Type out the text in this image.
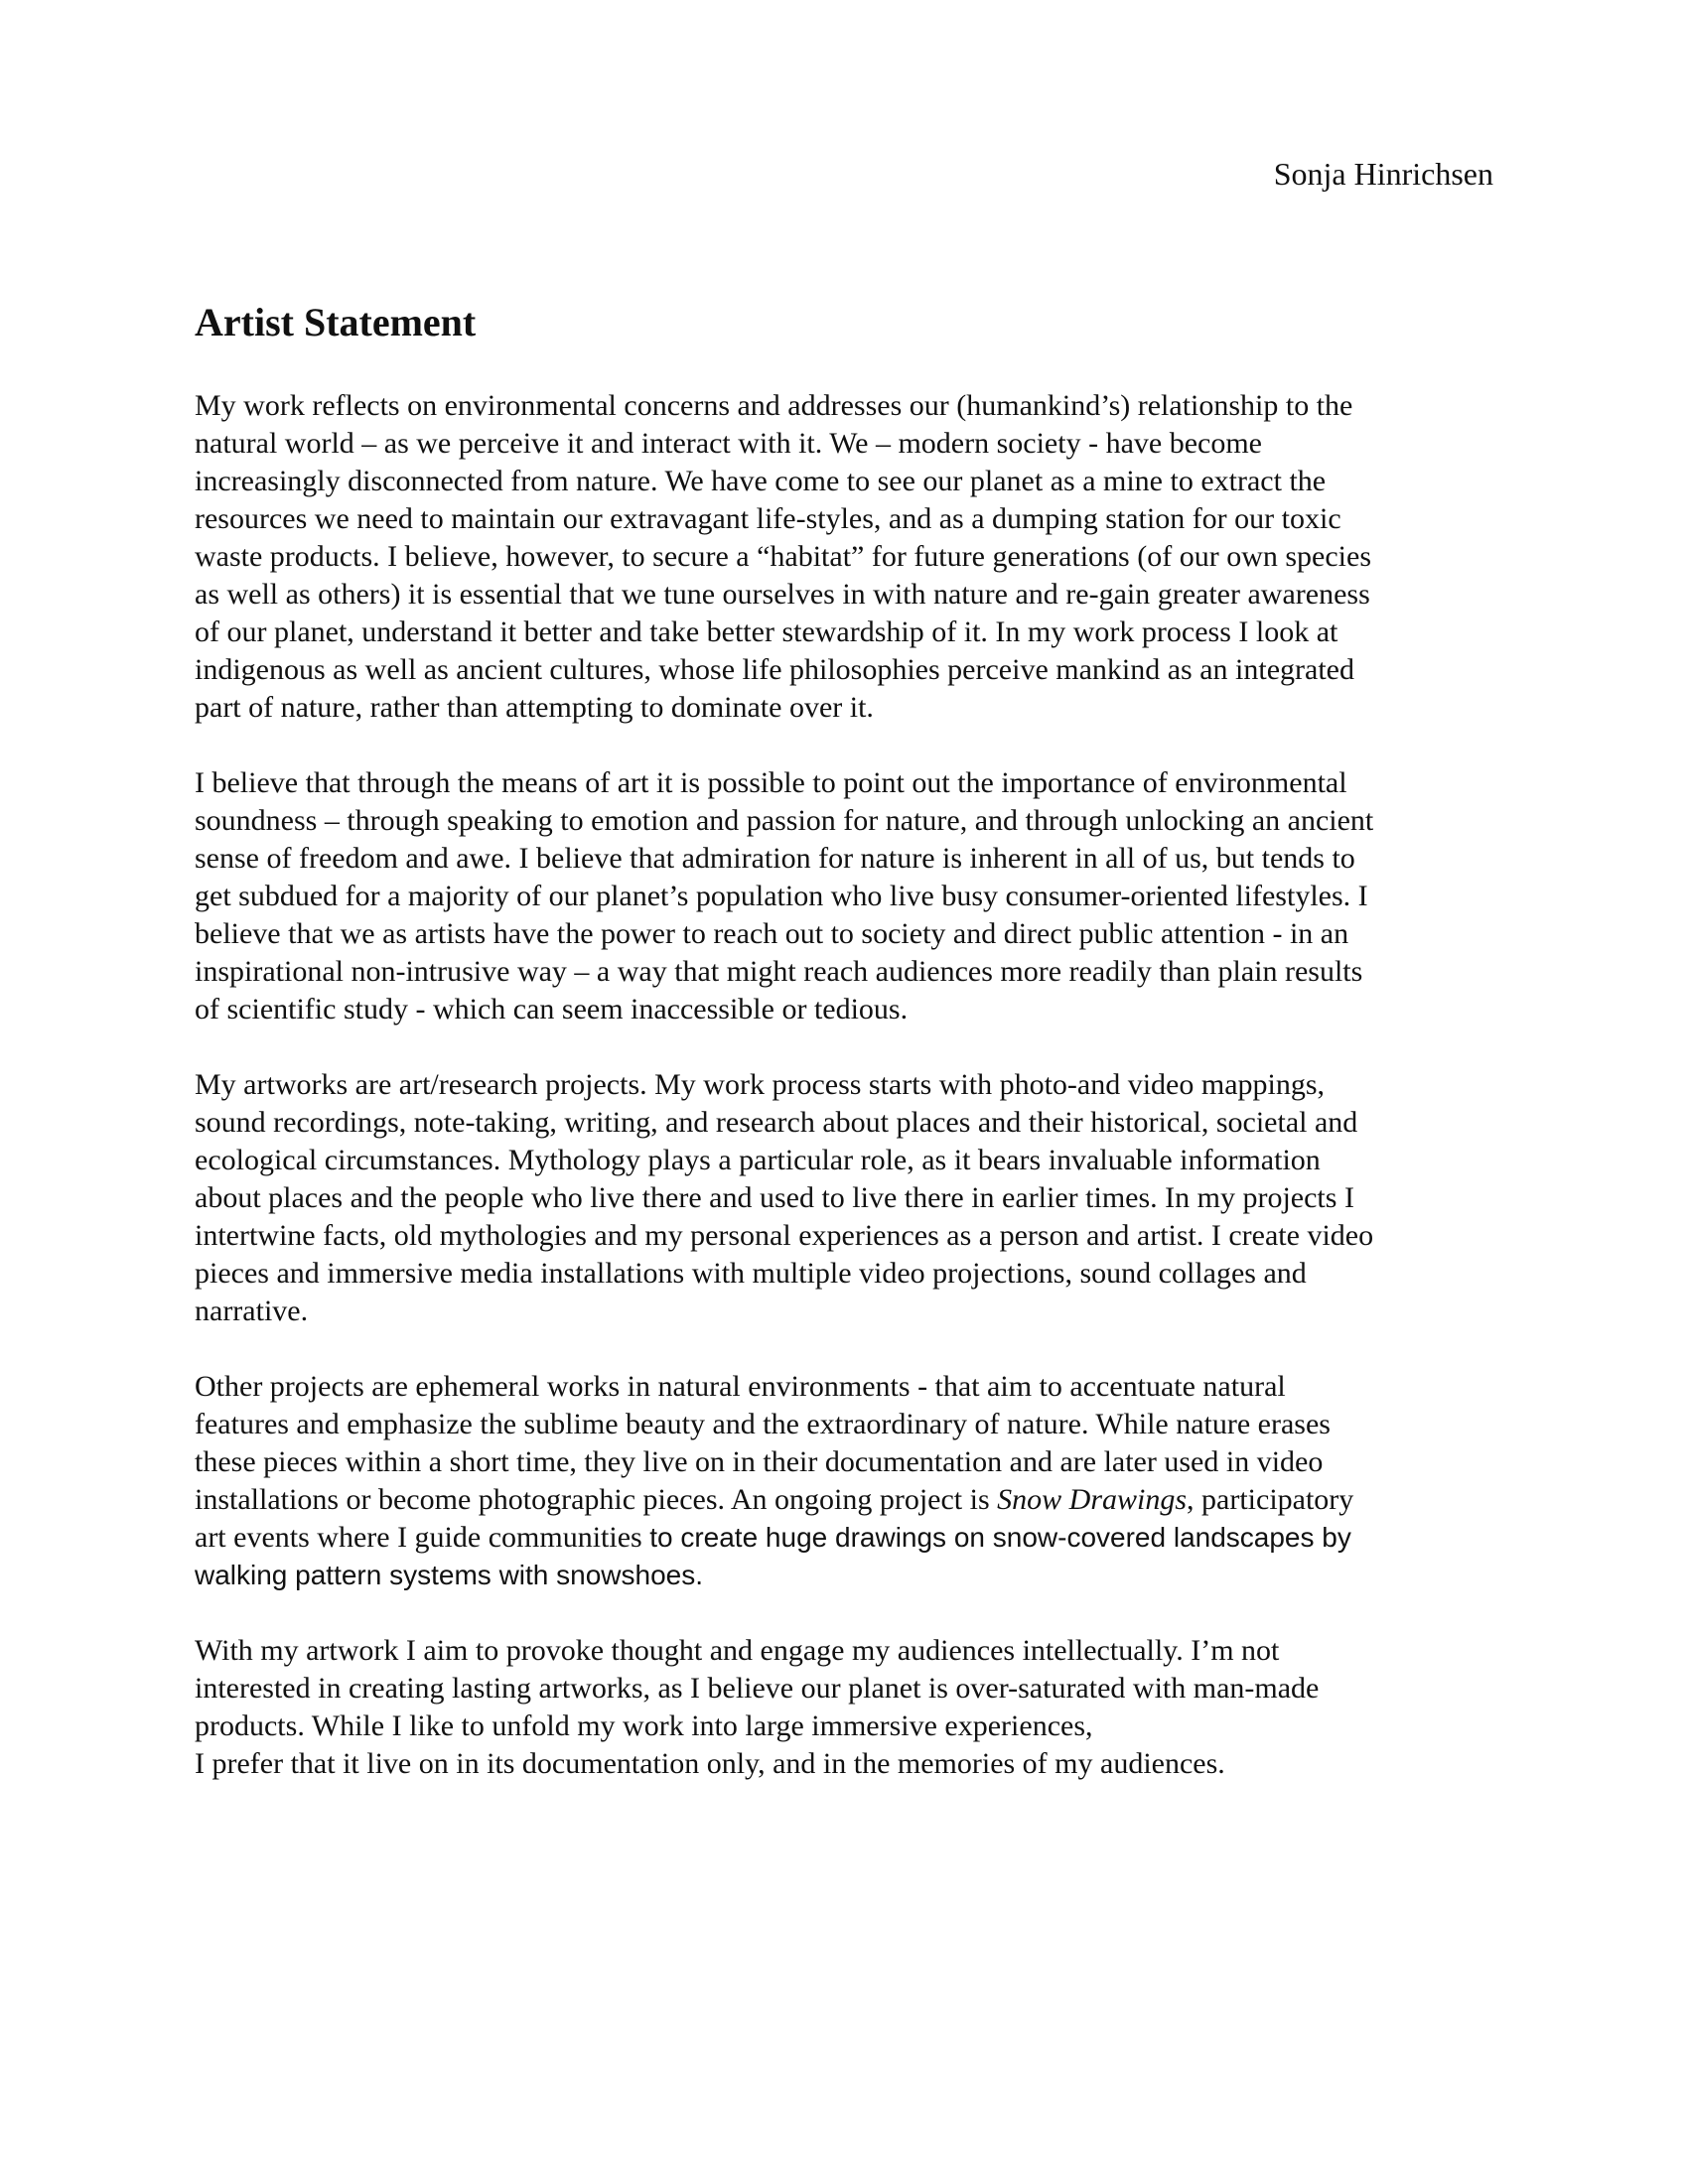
Sonja Hinrichsen
Artist Statement

My work reflects on environmental concerns and addresses our (humankind’s) relationship to the
natural world – as we perceive it and interact with it. We – modern society - have become
increasingly disconnected from nature. We have come to see our planet as a mine to extract the
resources we need to maintain our extravagant life-styles, and as a dumping station for our toxic
waste products. I believe, however, to secure a “habitat” for future generations (of our own species
as well as others) it is essential that we tune ourselves in with nature and re-gain greater awareness
of our planet, understand it better and take better stewardship of it. In my work process I look at
indigenous as well as ancient cultures, whose life philosophies perceive mankind as an integrated
part of nature, rather than attempting to dominate over it.

I believe that through the means of art it is possible to point out the importance of environmental
soundness – through speaking to emotion and passion for nature, and through unlocking an ancient
sense of freedom and awe. I believe that admiration for nature is inherent in all of us, but tends to
get subdued for a majority of our planet’s population who live busy consumer-oriented lifestyles. I
believe that we as artists have the power to reach out to society and direct public attention - in an
inspirational non-intrusive way – a way that might reach audiences more readily than plain results
of scientific study - which can seem inaccessible or tedious.

My artworks are art/research projects. My work process starts with photo-and video mappings,
sound recordings, note-taking, writing, and research about places and their historical, societal and
ecological circumstances. Mythology plays a particular role, as it bears invaluable information
about places and the people who live there and used to live there in earlier times. In my projects I
intertwine facts, old mythologies and my personal experiences as a person and artist. I create video
pieces and immersive media installations with multiple video projections, sound collages and
narrative.

Other projects are ephemeral works in natural environments - that aim to accentuate natural
features and emphasize the sublime beauty and the extraordinary of nature. While nature erases
these pieces within a short time, they live on in their documentation and are later used in video
installations or become photographic pieces. An ongoing project is Snow Drawings, participatory
art events where I guide communities to create huge drawings on snow-covered landscapes by
walking pattern systems with snowshoes.

With my artwork I aim to provoke thought and engage my audiences intellectually. I’m not
interested in creating lasting artworks, as I believe our planet is over-saturated with man-made
products. While I like to unfold my work into large immersive experiences,
I prefer that it live on in its documentation only, and in the memories of my audiences.
